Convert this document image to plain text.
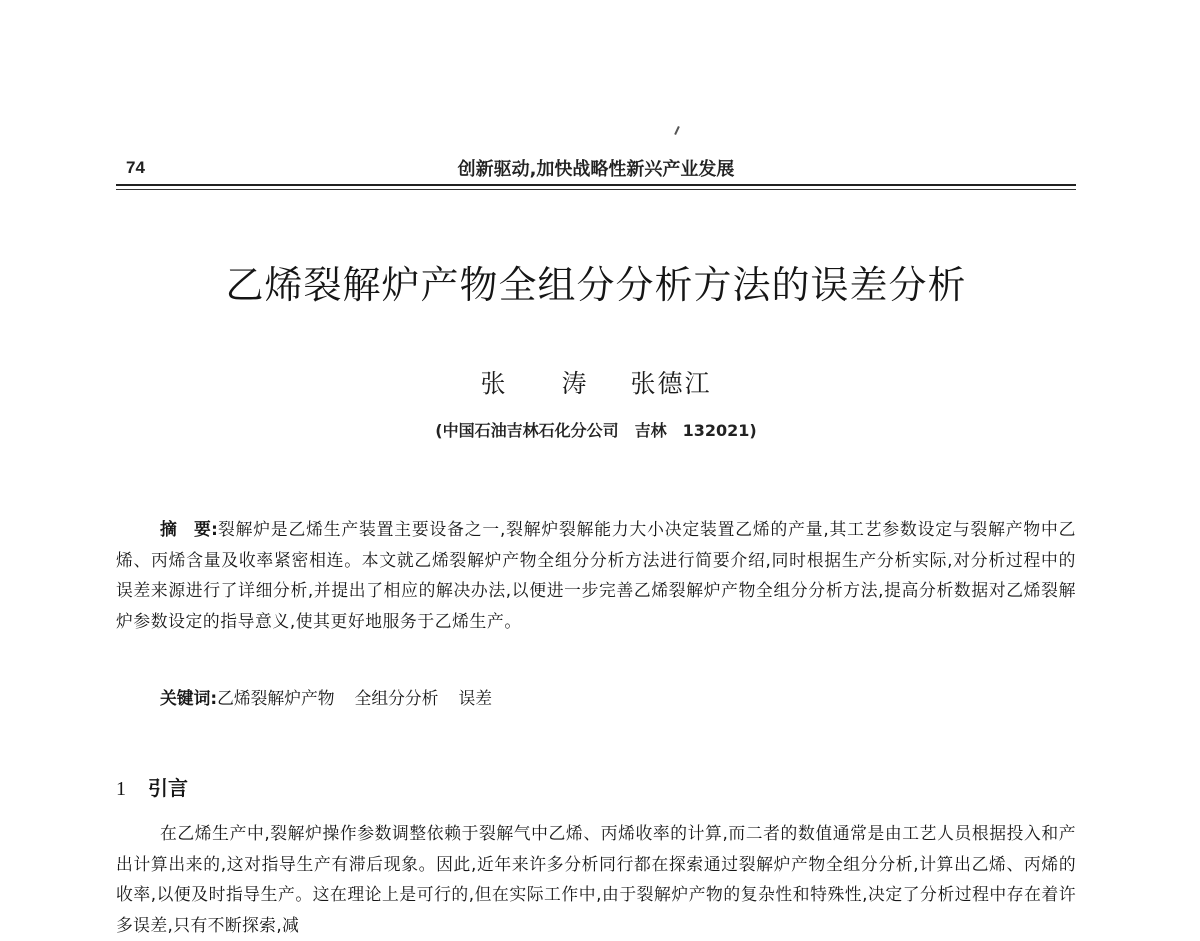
74	创新驱动,加快战略性新兴产业发展
乙烯裂解炉产物全组分分析方法的误差分析
张 涛 张德江
(中国石油吉林石化分公司　吉林　132021)

摘　要:裂解炉是乙烯生产装置主要设备之一,裂解炉裂解能力大小决定装置乙烯的产量,其工艺参数设定与裂解产物中乙烯、丙烯含量及收率紧密相连。本文就乙烯裂解炉产物全组分分析方法进行简要介绍,同时根据生产分析实际,对分析过程中的误差来源进行了详细分析,并提出了相应的解决办法,以便进一步完善乙烯裂解炉产物全组分分析方法,提高分析数据对乙烯裂解炉参数设定的指导意义,使其更好地服务于乙烯生产。

关键词:乙烯裂解炉产物 全组分分析 误差
1 引言

在乙烯生产中,裂解炉操作参数调整依赖于裂解气中乙烯、丙烯收率的计算,而二者的数值通常是由工艺人员根据投入和产出计算出来的,这对指导生产有滞后现象。因此,近年来许多分析同行都在探索通过裂解炉产物全组分分析,计算出乙烯、丙烯的收率,以便及时指导生产。这在理论上是可行的,但在实际工作中,由于裂解炉产物的复杂性和特殊性,决定了分析过程中存在着许多误差,只有不断探索,减
